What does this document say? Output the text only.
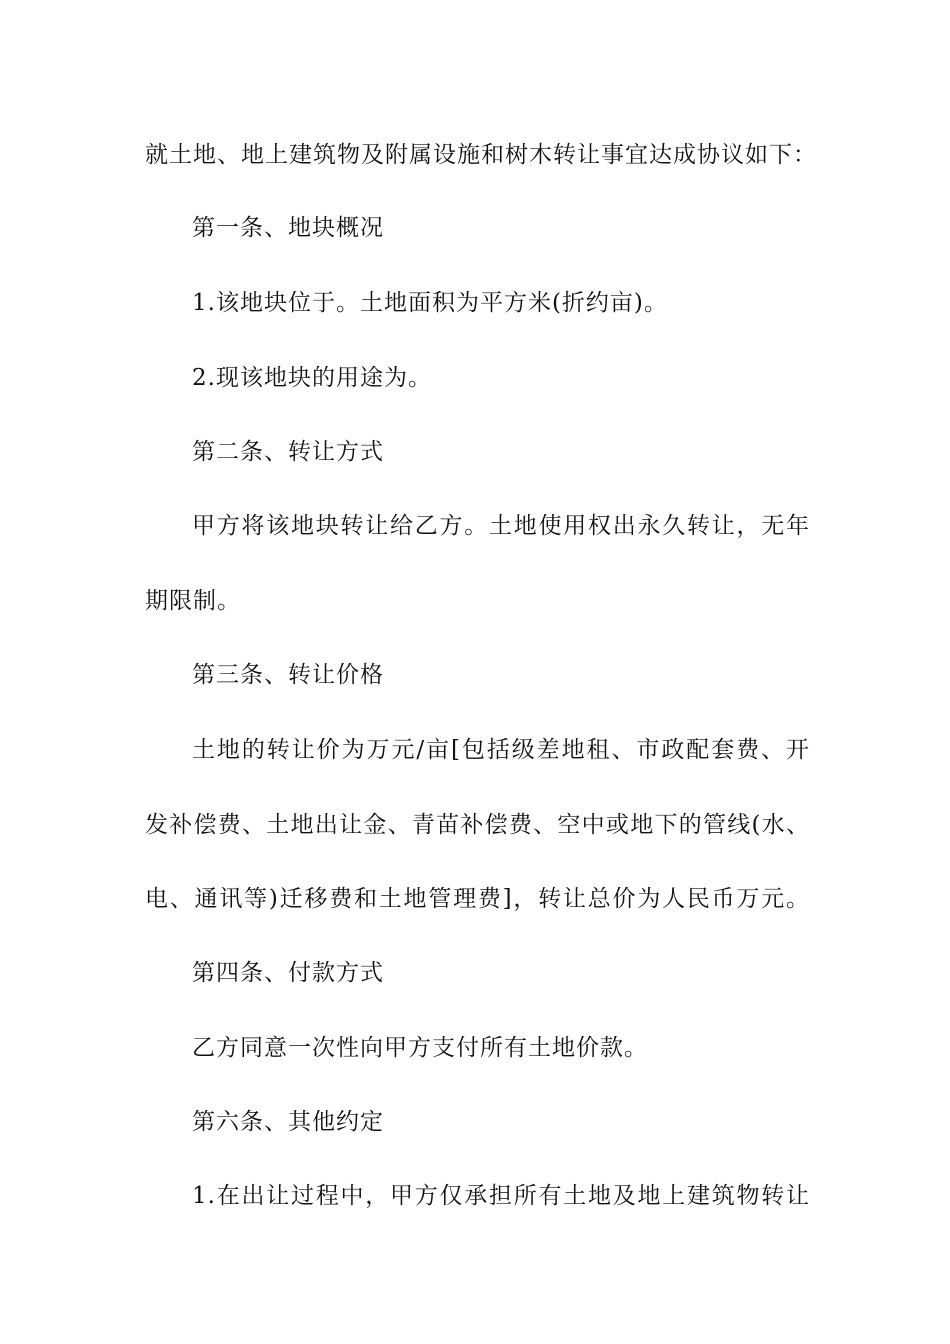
就土地、地上建筑物及附属设施和树木转让事宜达成协议如下：
第一条、地块概况
1.该地块位于。土地面积为平方米(折约亩)。
2.现该地块的用途为。
第二条、转让方式
甲方将该地块转让给乙方。土地使用权出永久转让，无年
期限制。
第三条、转让价格
土地的转让价为万元/亩[包括级差地租、市政配套费、开
发补偿费、土地出让金、青苗补偿费、空中或地下的管线(水、
电、通讯等)迁移费和土地管理费]，转让总价为人民币万元。
第四条、付款方式
乙方同意一次性向甲方支付所有土地价款。
第六条、其他约定
1.在出让过程中，甲方仅承担所有土地及地上建筑物转让
